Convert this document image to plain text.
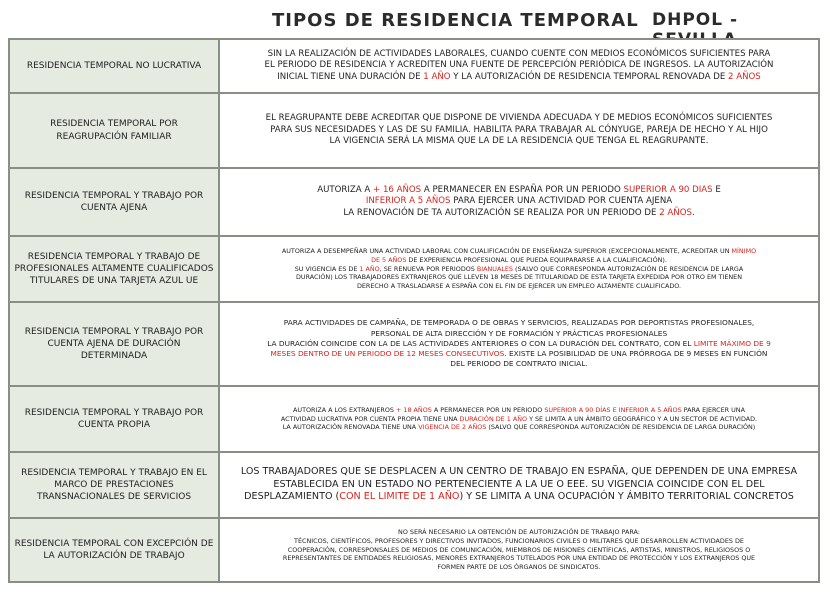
TIPOS DE RESIDENCIA TEMPORAL DHPOL -
RESIDENCIA TEMPORAL NO LUCRATIVA	SIN LA REALIZACIÓN DE ACTIVIDADES LABORALES, CUANDO CUENTE CON MEDIOS ECONÓMICOS SUFICIENTES PARA
EL PERIODO DE RESIDENCIA Y ACREDITEN UNA FUENTE DE PERCEPCIÓN PERIÓDICA DE INGRESOS. LA AUTORIZACIÓN
INICIAL TIENE UNA DURACIÓN DE 1 AÑO Y LA AUTORIZACIÓN DE RESIDENCIA TEMPORAL RENOVADA DE 2 AÑOS

RESIDENCIA TEMPORAL POR REAGRUPACIÓN FAMILIAR	EL REAGRUPANTE DEBE ACREDITAR QUE DISPONE DE VIVIENDA ADECUADA Y DE MEDIOS ECONÓMICOS SUFICIENTES
PARA SUS NECESIDADES Y LAS DE SU FAMILIA. HABILITA PARA TRABAJAR AL CÓNYUGE, PAREJA DE HECHO Y AL HIJO
LA VIGENCIA SERÁ LA MISMA QUE LA DE LA RESIDENCIA QUE TENGA EL REAGRUPANTE.

RESIDENCIA TEMPORAL Y TRABAJO POR CUENTA AJENA	AUTORIZA A + 16 AÑOS A PERMANECER EN ESPAÑA POR UN PERIODO SUPERIOR A 90 DIAS E
INFERIOR A 5 AÑOS PARA EJERCER UNA ACTIVIDAD POR CUENTA AJENA
LA RENOVACIÓN DE TA AUTORIZACIÓN SE REALIZA POR UN PERIODO DE 2 AÑOS.

RESIDENCIA TEMPORAL Y TRABAJO DE PROFESIONALES ALTAMENTE CUALIFICADOS TITULARES DE UNA TARJETA AZUL UE	AUTORIZA A DESEMPEÑAR UNA ACTIVIDAD LABORAL CON CUALIFICACIÓN DE ENSEÑANZA SUPERIOR (EXCEPCIONALMENTE, ACREDITAR UN MÍNIMO
DE 5 AÑOS DE EXPERIENCIA PROFESIONAL QUE PUEDA EQUIPARARSE A LA CUALIFICACIÓN).
SU VIGENCIA ES DE 1 AÑO, SE RENUEVA POR PERIODOS BIANUALES (SALVO QUE CORRESPONDA AUTORIZACIÓN DE RESIDENCIA DE LARGA
DURACIÓN) LOS TRABAJADORES EXTRANJEROS QUE LLEVEN 18 MESES DE TITULARIDAD DE ESTA TARJETA EXPEDIDA POR OTRO EM TIENEN
DERECHO A TRASLADARSE A ESPAÑA CON EL FIN DE EJERCER UN EMPLEO ALTAMENTE CUALIFICADO.

RESIDENCIA TEMPORAL Y TRABAJO POR CUENTA AJENA DE DURACIÓN DETERMINADA	PARA ACTIVIDADES DE CAMPAÑA, DE TEMPORADA O DE OBRAS Y SERVICIOS, REALIZADAS POR DEPORTISTAS PROFESIONALES,
PERSONAL DE ALTA DIRECCIÓN Y DE FORMACIÓN Y PRÁCTICAS PROFESIONALES
LA DURACIÓN COINCIDE CON LA DE LAS ACTIVIDADES ANTERIORES O CON LA DURACIÓN DEL CONTRATO, CON EL LIMITE MÁXIMO DE 9
MESES DENTRO DE UN PERIODO DE 12 MESES CONSECUTIVOS. EXISTE LA POSIBILIDAD DE UNA PRÓRROGA DE 9 MESES EN FUNCIÓN
DEL PERIODO DE CONTRATO INICIAL.

RESIDENCIA TEMPORAL Y TRABAJO POR CUENTA PROPIA	AUTORIZA A LOS EXTRANJEROS + 18 AÑOS A PERMANECER POR UN PERIODO SUPERIOR A 90 DÍAS E INFERIOR A 5 AÑOS PARA EJERCER UNA
ACTIVIDAD LUCRATIVA POR CUENTA PROPIA TIENE UNA DURACIÓN DE 1 AÑO Y SE LIMITA A UN ÁMBITO GEOGRÁFICO Y A UN SECTOR DE ACTIVIDAD.
LA AUTORIZACIÓN RENOVADA TIENE UNA VIGENCIA DE 2 AÑOS (SALVO QUE CORRESPONDA AUTORIZACIÓN DE RESIDENCIA DE LARGA DURACIÓN)

RESIDENCIA TEMPORAL Y TRABAJO EN EL MARCO DE PRESTACIONES TRANSNACIONALES DE SERVICIOS	LOS TRABAJADORES QUE SE DESPLACEN A UN CENTRO DE TRABAJO EN ESPAÑA, QUE DEPENDEN DE UNA EMPRESA
ESTABLECIDA EN UN ESTADO NO PERTENECIENTE A LA UE O EEE. SU VIGENCIA COINCIDE CON EL DEL
DESPLAZAMIENTO (CON EL LIMITE DE 1 AÑO) Y SE LIMITA A UNA OCUPACIÓN Y ÁMBITO TERRITORIAL CONCRETOS

RESIDENCIA TEMPORAL CON EXCEPCIÓN DE LA AUTORIZACIÓN DE TRABAJO	NO SERÁ NECESARIO LA OBTENCIÓN DE AUTORIZACIÓN DE TRABAJO PARA:
TÉCNICOS, CIENTÍFICOS, PROFESORES Y DIRECTIVOS INVITADOS, FUNCIONARIOS CIVILES O MILITARES QUE DESARROLLEN ACTIVIDADES DE
COOPERACIÓN, CORRESPONSALES DE MEDIOS DE COMUNICACIÓN, MIEMBROS DE MISIONES CIENTÍFICAS, ARTISTAS, MINISTROS, RELIGIOSOS O
REPRESENTANTES DE ENTIDADES RELIGIOSAS, MENORES EXTRANJEROS TUTELADOS POR UNA ENTIDAD DE PROTECCIÓN Y LOS EXTRANJEROS QUE
FORMEN PARTE DE LOS ÓRGANOS DE SINDICATOS.
